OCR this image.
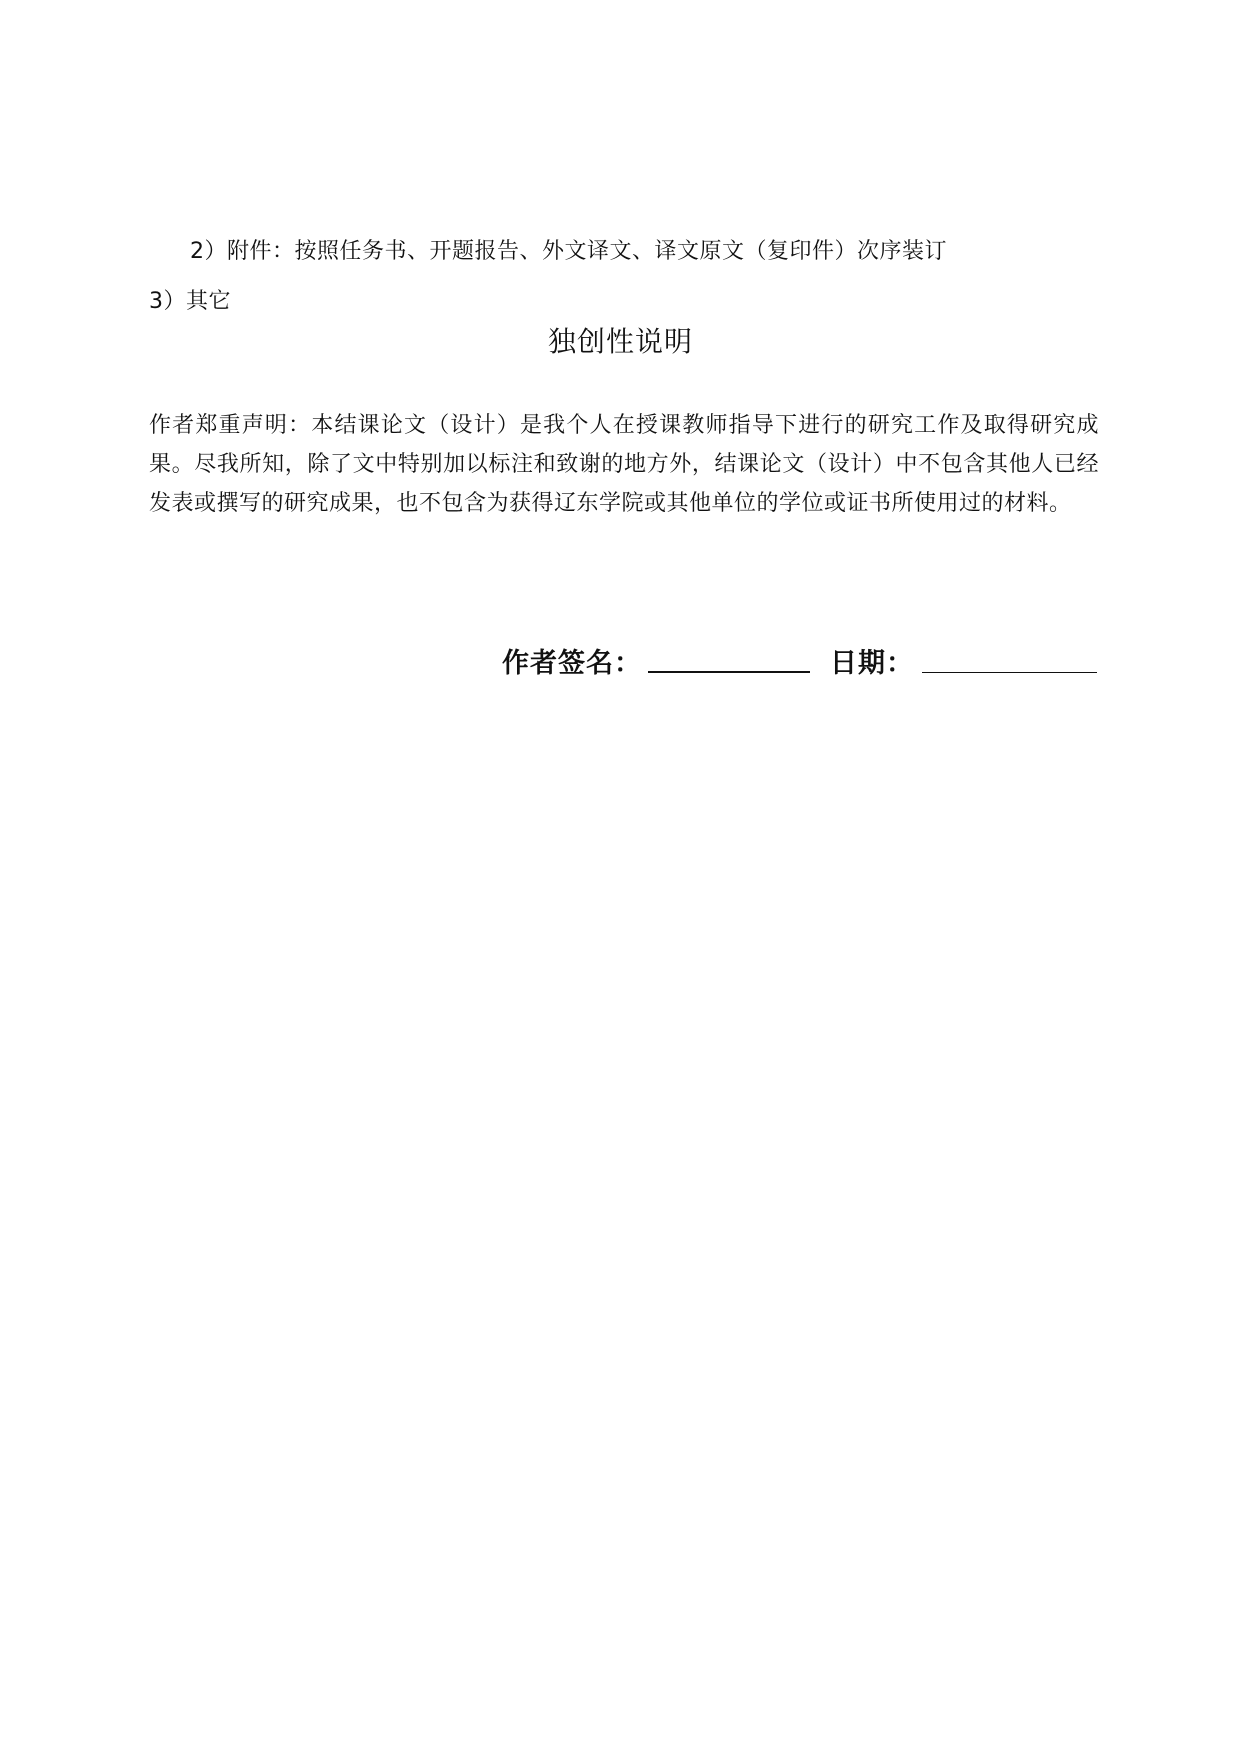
2）附件：按照任务书、开题报告、外文译文、译文原文（复印件）次序装订
3）其它
独创性说明

作者郑重声明：本结课论文（设计）是我个人在授课教师指导下进行的研究工作及取得研究成果。尽我所知，除了文中特别加以标注和致谢的地方外，结课论文（设计）中不包含其他人已经发表或撰写的研究成果，也不包含为获得辽东学院或其他单位的学位或证书所使用过的材料。

作者签名：	日期：
